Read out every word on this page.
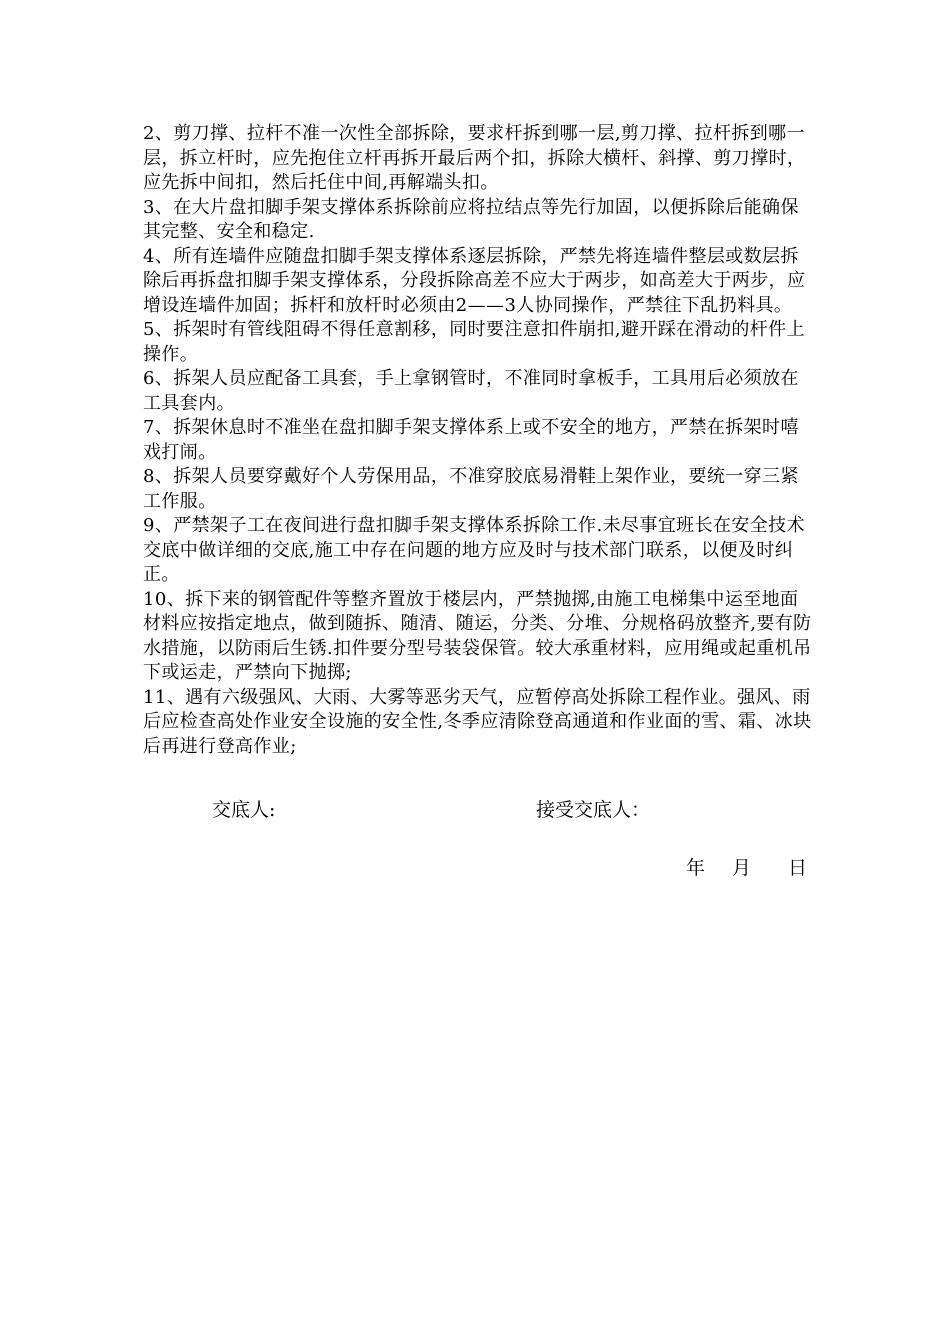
2、剪刀撑、拉杆不准一次性全部拆除，要求杆拆到哪一层,剪刀撑、拉杆拆到哪一层，拆立杆时，应先抱住立杆再拆开最后两个扣，拆除大横杆、斜撑、剪刀撑时，应先拆中间扣，然后托住中间,再解端头扣。

3、在大片盘扣脚手架支撑体系拆除前应将拉结点等先行加固，以便拆除后能确保其完整、安全和稳定.

4、所有连墙件应随盘扣脚手架支撑体系逐层拆除，严禁先将连墙件整层或数层拆除后再拆盘扣脚手架支撑体系，分段拆除高差不应大于两步，如高差大于两步，应增设连墙件加固；拆杆和放杆时必须由2——3人协同操作，严禁往下乱扔料具。

5、拆架时有管线阻碍不得任意割移，同时要注意扣件崩扣,避开踩在滑动的杆件上操作。

6、拆架人员应配备工具套，手上拿钢管时，不准同时拿板手，工具用后必须放在工具套内。

7、拆架休息时不准坐在盘扣脚手架支撑体系上或不安全的地方，严禁在拆架时嘻戏打闹。

8、拆架人员要穿戴好个人劳保用品，不准穿胶底易滑鞋上架作业，要统一穿三紧工作服。

9、严禁架子工在夜间进行盘扣脚手架支撑体系拆除工作.未尽事宜班长在安全技术交底中做详细的交底,施工中存在问题的地方应及时与技术部门联系，以便及时纠正。

10、拆下来的钢管配件等整齐置放于楼层内，严禁抛掷,由施工电梯集中运至地面材料应按指定地点，做到随拆、随清、随运，分类、分堆、分规格码放整齐,要有防水措施，以防雨后生锈.扣件要分型号装袋保管。较大承重材料，应用绳或起重机吊下或运走，严禁向下抛掷;

11、遇有六级强风、大雨、大雾等恶劣天气，应暂停高处拆除工程作业。强风、雨后应检查高处作业安全设施的安全性,冬季应清除登高通道和作业面的雪、霜、冰块后再进行登高作业;

交底人:	接受交底人：
年 月 日
